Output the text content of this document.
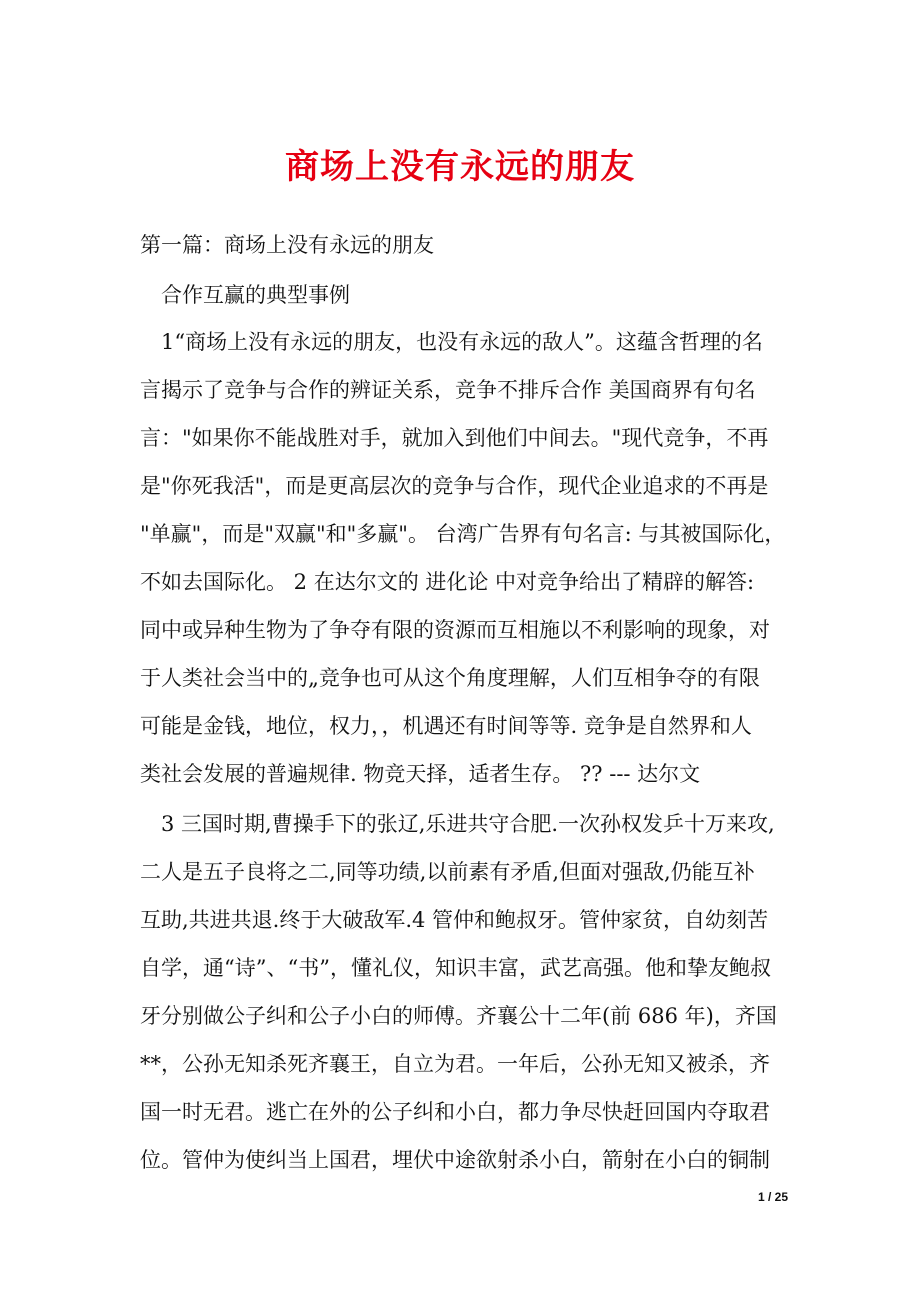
商场上没有永远的朋友

第一篇：商场上没有永远的朋友

合作互赢的典型事例

1“商场上没有永远的朋友，也没有永远的敌人”。这蕴含哲理的名

言揭示了竞争与合作的辨证关系，竞争不排斥合作 美国商界有句名

言："如果你不能战胜对手，就加入到他们中间去。"现代竞争，不再

是"你死我活"，而是更高层次的竞争与合作，现代企业追求的不再是

"单赢"，而是"双赢"和"多赢"。 台湾广告界有句名言: 与其被国际化，

不如去国际化。 2 在达尔文的 进化论 中对竞争给出了精辟的解答:

同中或异种生物为了争夺有限的资源而互相施以不利影响的现象，对

于人类社会当中的„竞争也可从这个角度理解，人们互相争夺的有限

可能是金钱，地位，权力，，机遇还有时间等等. 竞争是自然界和人

类社会发展的普遍规律. 物竞天择，适者生存。 ?? --- 达尔文

3 三国时期,曹操手下的张辽,乐进共守合肥.一次孙权发乒十万来攻,

二人是五子良将之二,同等功绩,以前素有矛盾,但面对强敌,仍能互补

互助,共进共退.终于大破敌军.4 管仲和鲍叔牙。管仲家贫，自幼刻苦

自学，通“诗”、“书”，懂礼仪，知识丰富，武艺高强。他和挚友鲍叔

牙分别做公子纠和公子小白的师傅。齐襄公十二年(前 686 年)，齐国

**，公孙无知杀死齐襄王，自立为君。一年后，公孙无知又被杀，齐

国一时无君。逃亡在外的公子纠和小白，都力争尽快赶回国内夺取君

位。管仲为使纠当上国君，埋伏中途欲射杀小白，箭射在小白的铜制

1 / 25
